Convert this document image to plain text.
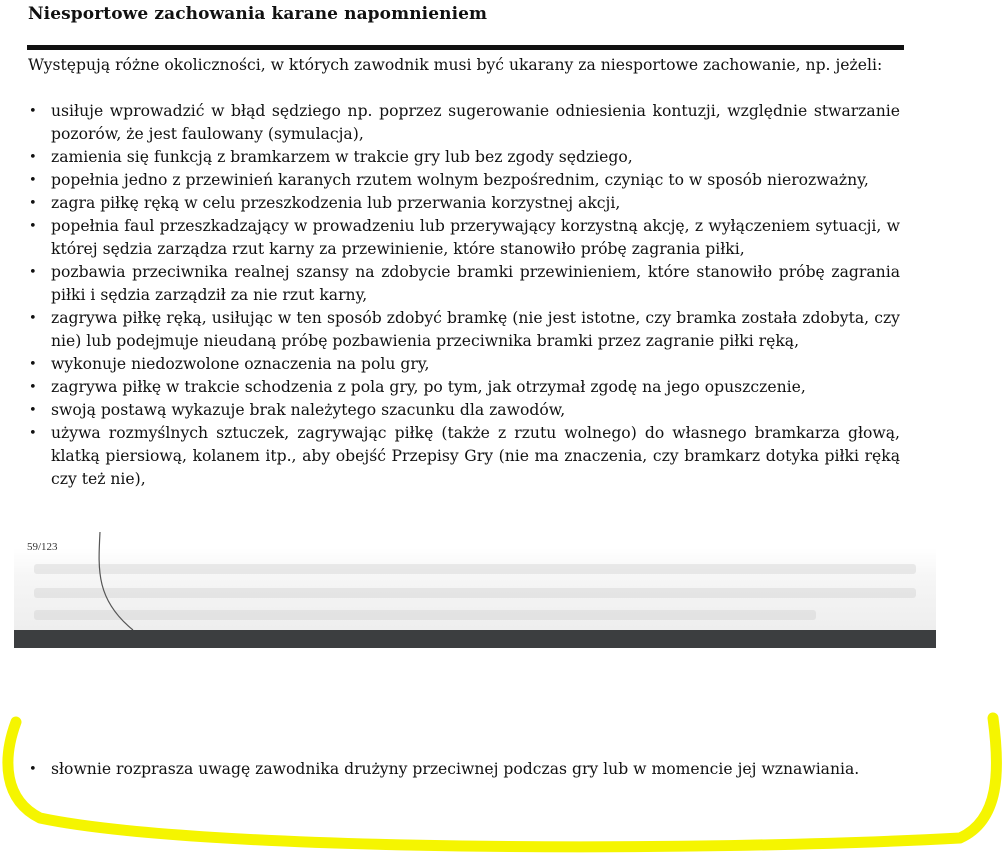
Niesportowe zachowania karane napomnieniem
Występują różne okoliczności, w których zawodnik musi być ukarany za niesportowe zachowanie, np. jeżeli:
• usiłuje wprowadzić w błąd sędziego np. poprzez sugerowanie odniesienia kontuzji, względnie stwarzanie pozorów, że jest faulowany (symulacja),
• zamienia się funkcją z bramkarzem w trakcie gry lub bez zgody sędziego,
• popełnia jedno z przewinień karanych rzutem wolnym bezpośrednim, czyniąc to w sposób nierozważny,
• zagra piłkę ręką w celu przeszkodzenia lub przerwania korzystnej akcji,
• popełnia faul przeszkadzający w prowadzeniu lub przerywający korzystną akcję, z wyłączeniem sytuacji, w której sędzia zarządza rzut karny za przewinienie, które stanowiło próbę zagrania piłki,
• pozbawia przeciwnika realnej szansy na zdobycie bramki przewinieniem, które stanowiło próbę zagrania piłki i sędzia zarządził za nie rzut karny,
• zagrywa piłkę ręką, usiłując w ten sposób zdobyć bramkę (nie jest istotne, czy bramka została zdobyta, czy nie) lub podejmuje nieudaną próbę pozbawienia przeciwnika bramki przez zagranie piłki ręką,
• wykonuje niedozwolone oznaczenia na polu gry,
• zagrywa piłkę w trakcie schodzenia z pola gry, po tym, jak otrzymał zgodę na jego opuszczenie,
• swoją postawą wykazuje brak należytego szacunku dla zawodów,
• używa rozmyślnych sztuczek, zagrywając piłkę (także z rzutu wolnego) do własnego bramkarza głową, klatką piersiową, kolanem itp., aby obejść Przepisy Gry (nie ma znaczenia, czy bramkarz dotyka piłki ręką czy też nie),
59/123
• słownie rozprasza uwagę zawodnika drużyny przeciwnej podczas gry lub w momencie jej wznawiania.
